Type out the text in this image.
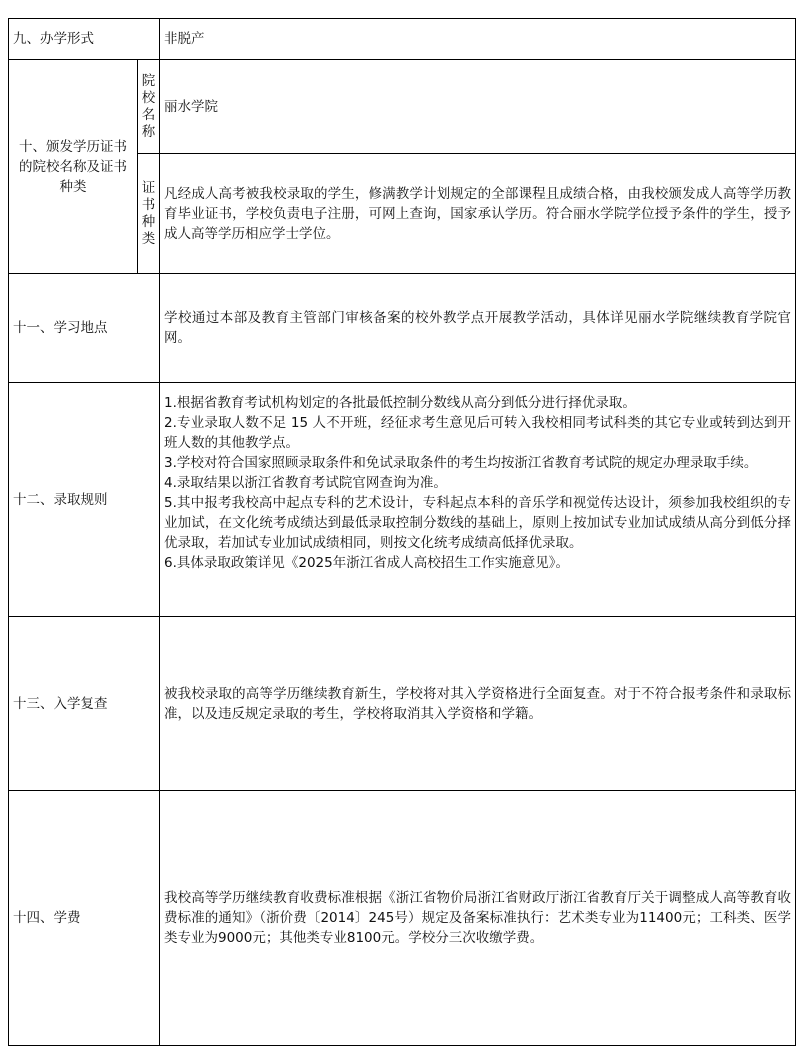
九、办学形式	非脱产
十、颁发学历证书的院校名称及证书种类
院
校
名
称
丽水学院
证
书
种
类
凡经成人高考被我校录取的学生，修满教学计划规定的全部课程且成绩合格，由我校颁发成人高等学历教育毕业证书，学校负责电子注册，可网上查询，国家承认学历。符合丽水学院学位授予条件的学生，授予成人高等学历相应学士学位。
十一、学习地点
学校通过本部及教育主管部门审核备案的校外教学点开展教学活动，具体详见丽水学院继续教育学院官网。
十二、录取规则
1.根据省教育考试机构划定的各批最低控制分数线从高分到低分进行择优录取。
2.专业录取人数不足 15 人不开班，经征求考生意见后可转入我校相同考试科类的其它专业或转到达到开班人数的其他教学点。
3.学校对符合国家照顾录取条件和免试录取条件的考生均按浙江省教育考试院的规定办理录取手续。
4.录取结果以浙江省教育考试院官网查询为准。
5.其中报考我校高中起点专科的艺术设计，专科起点本科的音乐学和视觉传达设计，须参加我校组织的专业加试，在文化统考成绩达到最低录取控制分数线的基础上，原则上按加试专业加试成绩从高分到低分择优录取，若加试专业加试成绩相同，则按文化统考成绩高低择优录取。
6.具体录取政策详见《2025年浙江省成人高校招生工作实施意见》。
十三、入学复查
被我校录取的高等学历继续教育新生，学校将对其入学资格进行全面复查。对于不符合报考条件和录取标准，以及违反规定录取的考生，学校将取消其入学资格和学籍。
十四、学费
我校高等学历继续教育收费标准根据《浙江省物价局浙江省财政厅浙江省教育厅关于调整成人高等教育收费标准的通知》（浙价费〔2014〕245号）规定及备案标准执行：艺术类专业为11400元；工科类、医学类专业为9000元；其他类专业8100元。学校分三次收缴学费。
